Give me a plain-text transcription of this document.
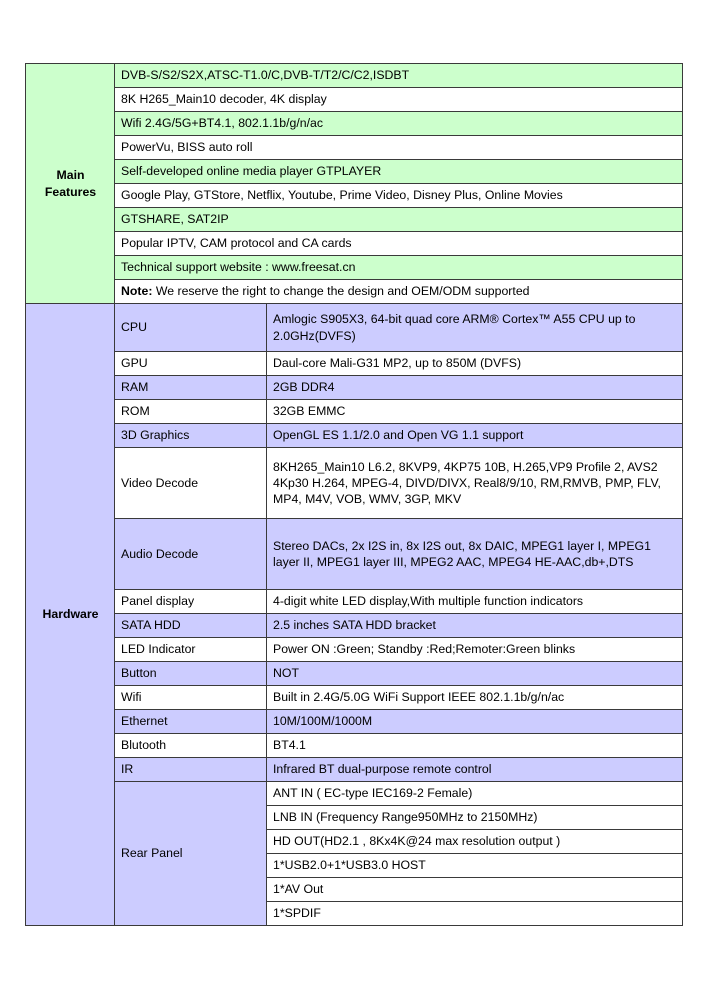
Main Features	DVB-S/S2/S2X,ATSC-T1.0/C,DVB-T/T2/C/C2,ISDBT	
	8K H265_Main10 decoder, 4K display	
	Wifi 2.4G/5G+BT4.1, 802.1.1b/g/n/ac	
	PowerVu, BISS auto roll	
	Self-developed online media player GTPLAYER	
	Google Play, GTStore, Netflix, Youtube, Prime Video, Disney Plus, Online Movies	
	GTSHARE, SAT2IP	
	Popular IPTV, CAM protocol and CA cards	
	Technical support website : www.freesat.cn	
	Note: We reserve the right to change the design and OEM/ODM supported	
Hardware	CPU	Amlogic S905X3, 64-bit quad core ARM® Cortex™ A55 CPU up to 2.0GHz(DVFS)
	GPU	Daul-core Mali-G31 MP2, up to 850M (DVFS)
	RAM	2GB DDR4
	ROM	32GB EMMC
	3D Graphics	OpenGL ES 1.1/2.0 and Open VG 1.1 support
	Video Decode	8KH265_Main10 L6.2, 8KVP9, 4KP75 10B, H.265,VP9 Profile 2, AVS2 4Kp30 H.264, MPEG-4, DIVD/DIVX, Real8/9/10, RM,RMVB, PMP, FLV, MP4, M4V, VOB, WMV, 3GP, MKV
	Audio Decode	Stereo DACs, 2x I2S in, 8x I2S out, 8x DAIC, MPEG1 layer I, MPEG1 layer II, MPEG1 layer III, MPEG2 AAC, MPEG4 HE-AAC,db+,DTS
	Panel display	4-digit white LED display,With multiple function indicators
	SATA HDD	2.5 inches SATA HDD bracket
	LED Indicator	Power ON :Green; Standby :Red;Remoter:Green blinks
	Button	NOT
	Wifi	Built in 2.4G/5.0G WiFi Support IEEE 802.1.1b/g/n/ac
	Ethernet	10M/100M/1000M
	Blutooth	BT4.1
	IR	Infrared BT dual-purpose remote control
	Rear Panel	ANT IN ( EC-type IEC169-2 Female)
		LNB IN (Frequency Range950MHz to 2150MHz)
		HD OUT(HD2.1 , 8Kx4K@24 max resolution output )
		1*USB2.0+1*USB3.0 HOST
		1*AV Out
		1*SPDIF
